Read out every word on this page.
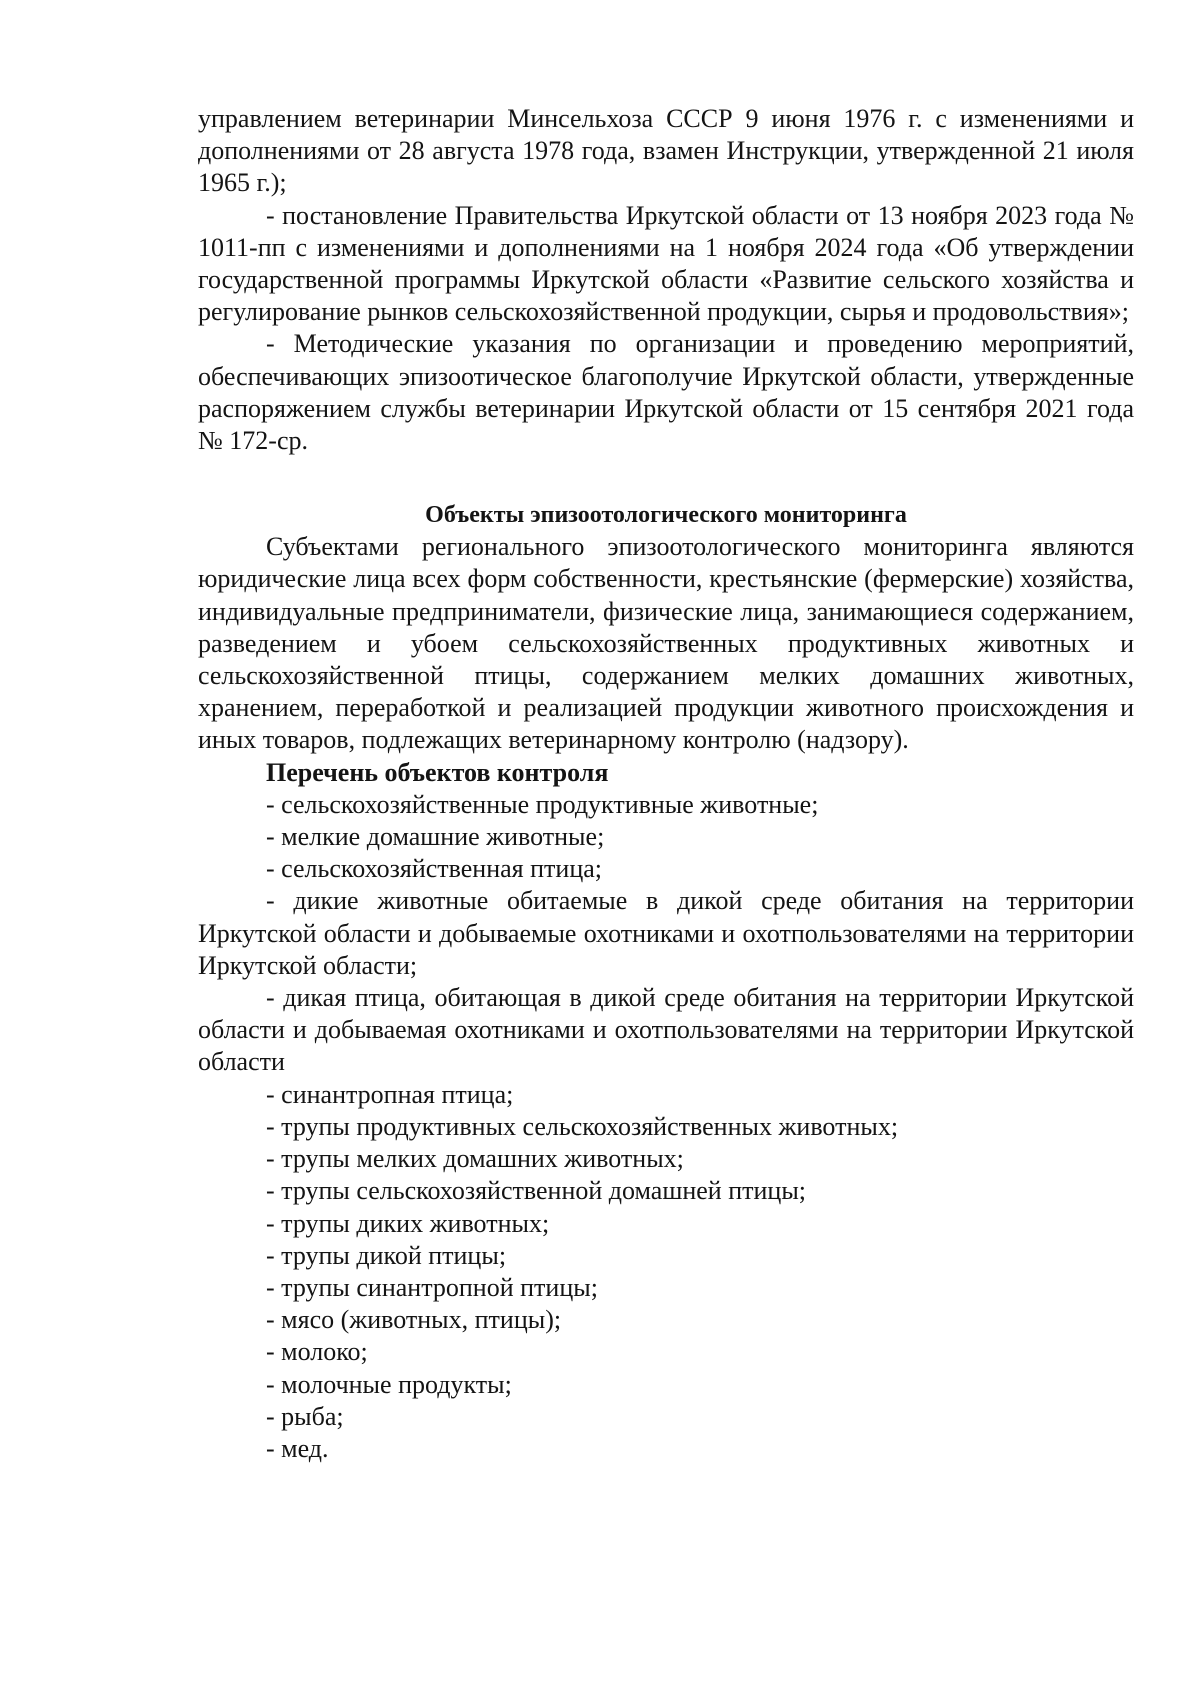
управлением ветеринарии Минсельхоза СССР 9 июня 1976 г. с изменениями и дополнениями от 28 августа 1978 года, взамен Инструкции, утвержденной 21 июля 1965 г.);

- постановление Правительства Иркутской области от 13 ноября 2023 года № 1011-пп с изменениями и дополнениями на 1 ноября 2024 года «Об утверждении государственной программы Иркутской области «Развитие сельского хозяйства и регулирование рынков сельскохозяйственной продукции, сырья и продовольствия»;

- Методические указания по организации и проведению мероприятий, обеспечивающих эпизоотическое благополучие Иркутской области, утвержденные распоряжением службы ветеринарии Иркутской области от 15 сентября 2021 года № 172-ср.

Объекты эпизоотологического мониторинга

Субъектами регионального эпизоотологического мониторинга являются юридические лица всех форм собственности, крестьянские (фермерские) хозяйства, индивидуальные предприниматели, физические лица, занимающиеся содержанием, разведением и убоем сельскохозяйственных продуктивных животных и сельскохозяйственной птицы, содержанием мелких домашних животных, хранением, переработкой и реализацией продукции животного происхождения и иных товаров, подлежащих ветеринарному контролю (надзору).

Перечень объектов контроля

- сельскохозяйственные продуктивные животные;
- мелкие домашние животные;
- сельскохозяйственная птица;
- дикие животные обитаемые в дикой среде обитания на территории Иркутской области и добываемые охотниками и охотпользователями на территории Иркутской области;
- дикая птица, обитающая в дикой среде обитания на территории Иркутской области и добываемая охотниками и охотпользователями на территории Иркутской области
- синантропная птица;
- трупы продуктивных сельскохозяйственных животных;
- трупы мелких домашних животных;
- трупы сельскохозяйственной домашней птицы;
- трупы диких животных;
- трупы дикой птицы;
- трупы синантропной птицы;
- мясо (животных, птицы);
- молоко;
- молочные продукты;
- рыба;
- мед.
